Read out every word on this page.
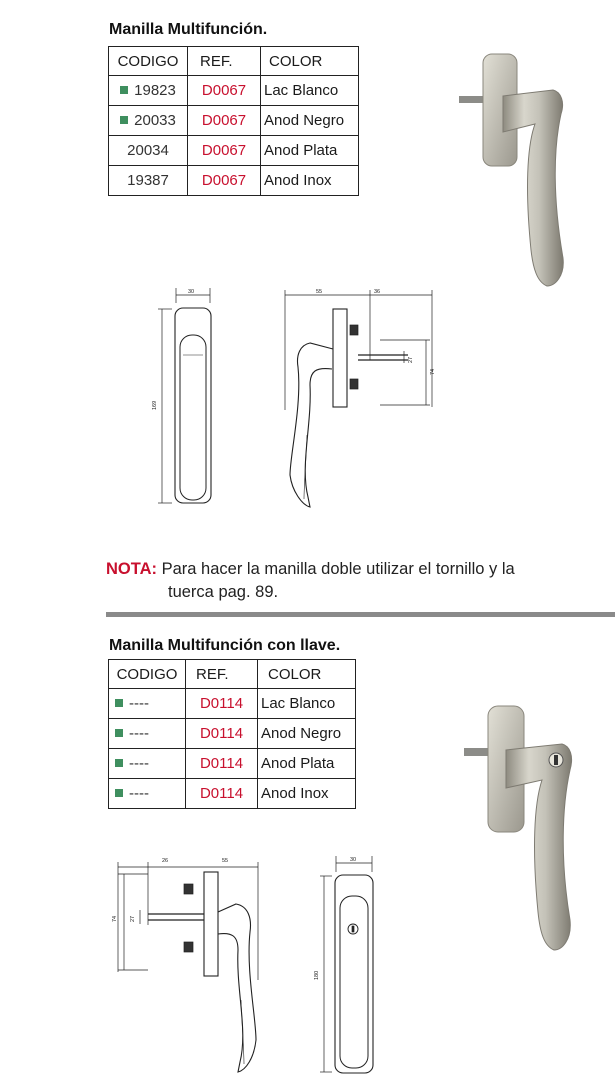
Manilla Multifunción.
CODIGO	REF.	COLOR
19823	D0067	Lac Blanco
20033	D0067	Anod Negro
20034	D0067	Anod Plata
19387	D0067	Anod Inox
30
169
55	36
74
27
NOTA: Para hacer la manilla doble utilizar el tornillo y la
tuerca pag. 89.
Manilla Multifunción con llave.
CODIGO	REF.	COLOR
----	D0114	Lac Blanco
----	D0114	Anod Negro
----	D0114	Anod Plata
----	D0114	Anod Inox
26	55
74 27
30
180
